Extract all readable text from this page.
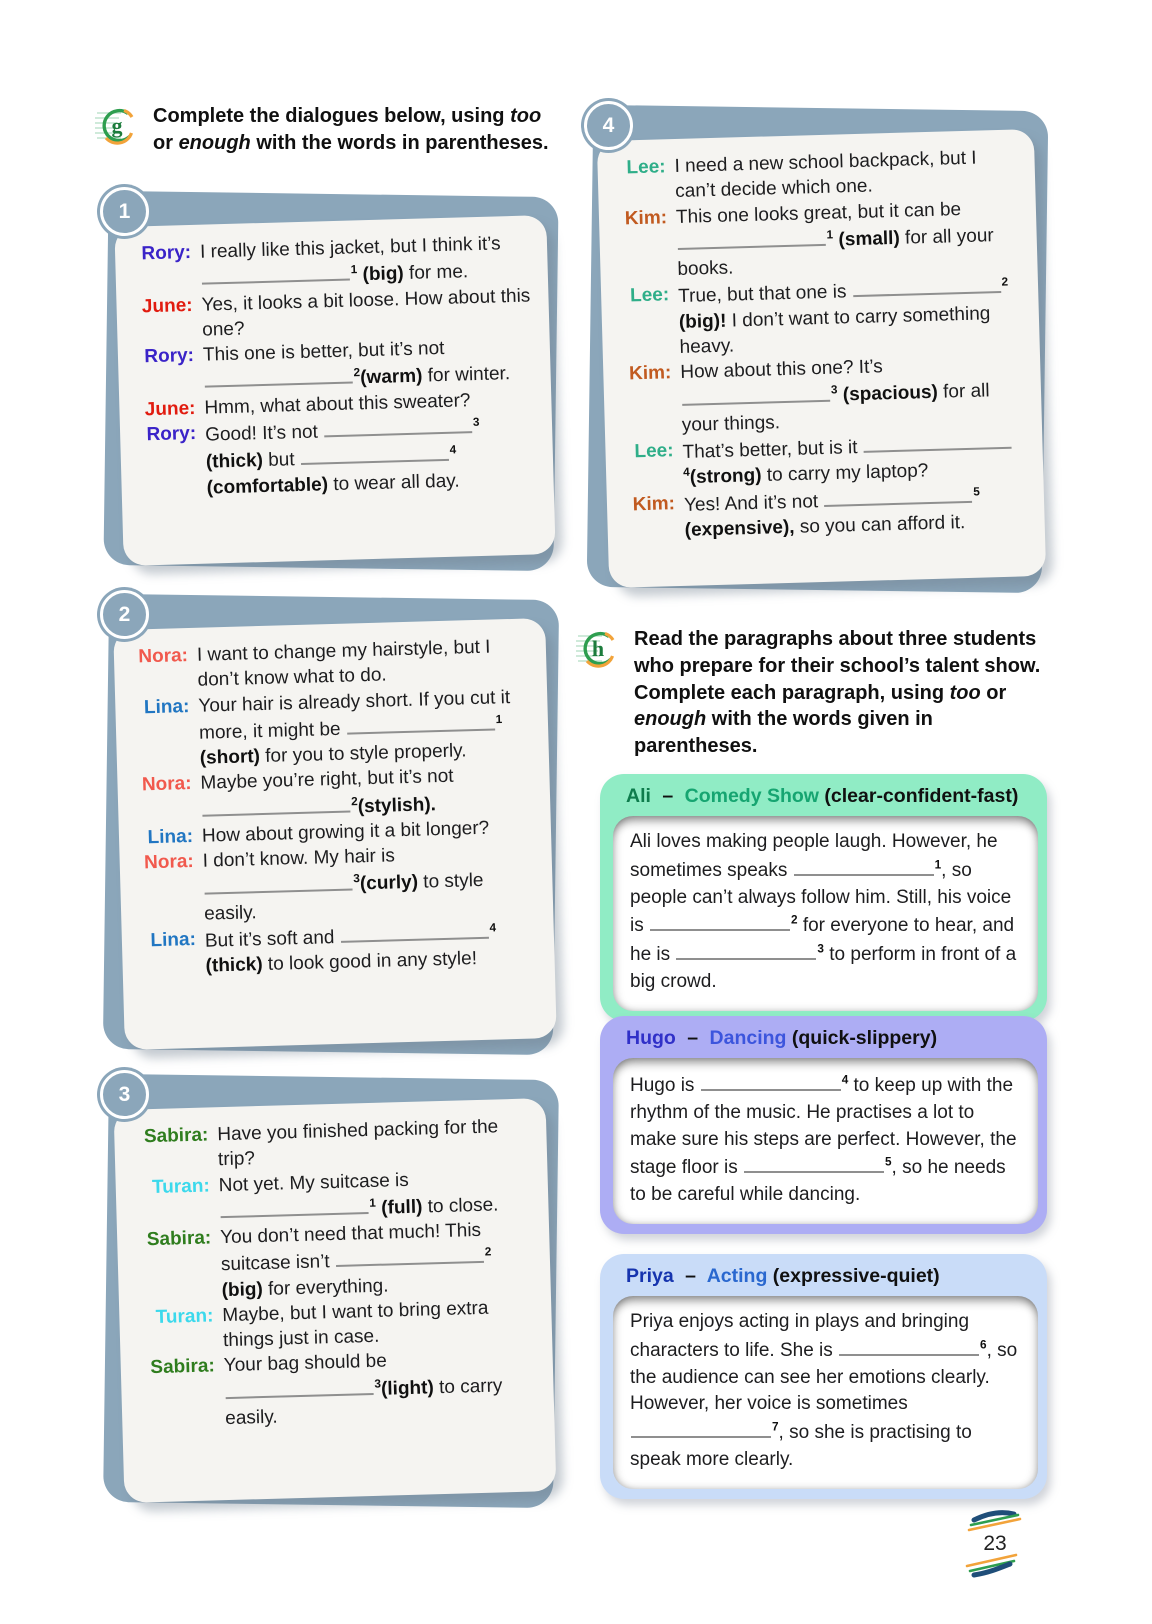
g Complete the dialogues below, using too or enough with the words in parentheses.
1
Rory: I really like this jacket, but I think it’s $^1$ (big) for me.
June: Yes, it looks a bit loose. How about this one?
Rory: This one is better, but it’s not $^2$(warm) for winter.
June: Hmm, what about this sweater?
Rory: Good! It’s not	$^3$ (thick) but	$^4$ (comfortable) to wear all day.
2
Nora: I want to change my hairstyle, but I don’t know what to do.
Lina: Your hair is already short. If you cut it more, it might be	$^1$ (short) for you to style properly.
Nora: Maybe you’re right, but it’s not $^2$(stylish).
Lina: How about growing it a bit longer?
Nora: I don’t know. My hair is $^3$(curly) to style easily.
Lina: But it’s soft and	$^4$ (thick) to look good in any style!
3
Sabira: Have you finished packing for the trip?
Turan: Not yet. My suitcase is $^1$ (full) to close.
Sabira: You don’t need that much! This suitcase isn’t	$^2$ (big) for everything.
Turan: Maybe, but I want to bring extra things just in case.
Sabira: Your bag should be $^3$(light) to carry easily.
4
Lee: I need a new school backpack, but I can’t decide which one.
Kim: This one looks great, but it can be $^1$ (small) for all your books.
Lee: True, but that one is	$^2$ (big)! I don’t want to carry something heavy.
Kim: How about this one? It’s $^3$ (spacious) for all your things.
Lee: That’s better, but is it $^4$(strong) to carry my laptop?
Kim: Yes! And it’s not	$^5$ (expensive), so you can afford it.
h Read the paragraphs about three students who prepare for their school’s talent show. Complete each paragraph, using too or enough with the words given in parentheses.
Ali – Comedy Show (clear-confident-fast)
Ali loves making people laugh. However, he sometimes speaks	$^1$, so people can’t always follow him. Still, his voice is	$^2$ for everyone to hear, and he is	$^3$ to perform in front of a big crowd.
Hugo – Dancing (quick-slippery)
Hugo is	$^4$ to keep up with the rhythm of the music. He practises a lot to make sure his steps are perfect. However, the stage floor is	$^5$, so he needs to be careful while dancing.
Priya – Acting (expressive-quiet)
Priya enjoys acting in plays and bringing characters to life. She is	$^6$, so the audience can see her emotions clearly. However, her voice is sometimes $^7$, so she is practising to speak more clearly.
23
